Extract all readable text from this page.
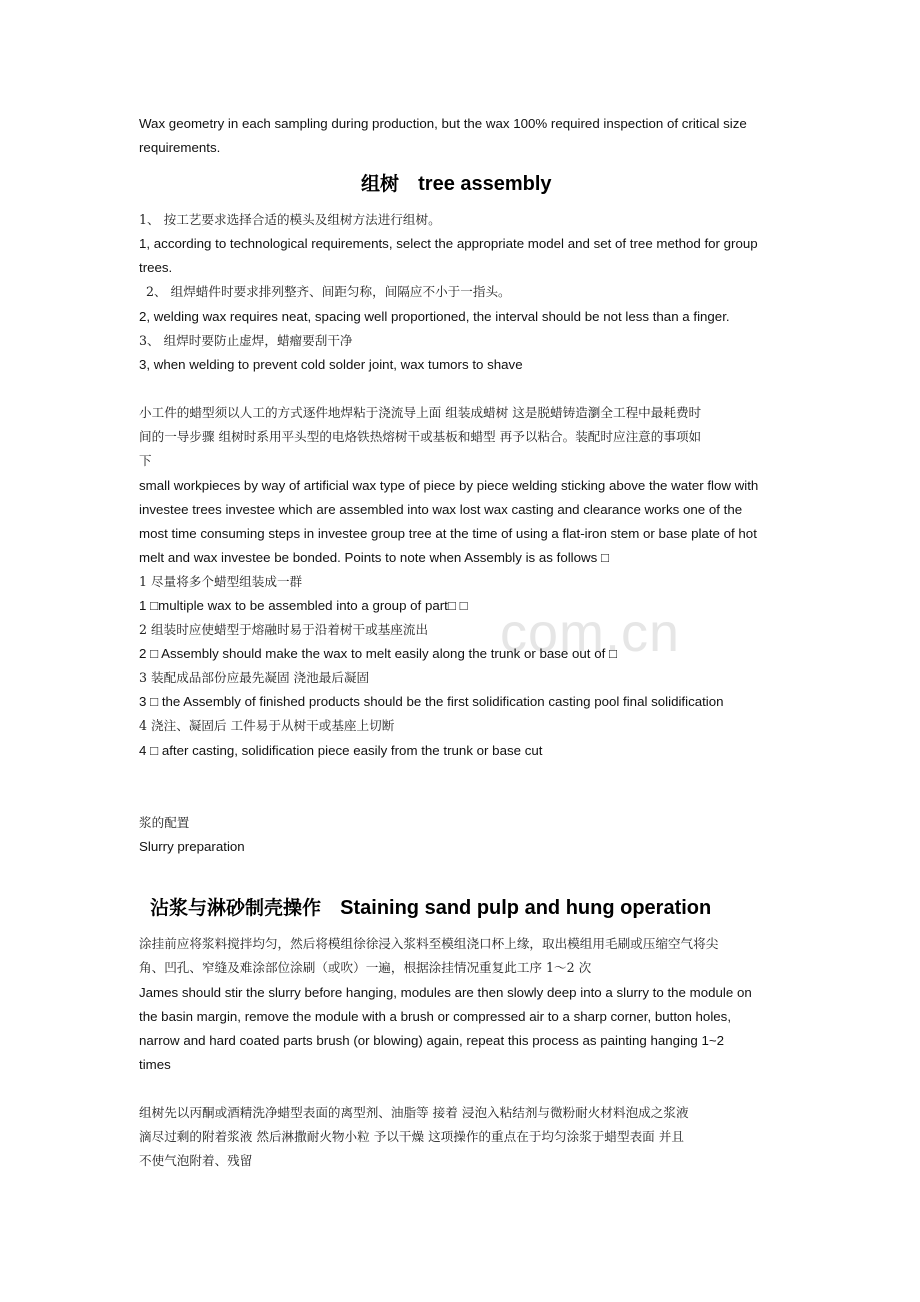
com.cn
Wax geometry in each sampling during production, but the wax 100% required inspection of critical size
requirements.
组树 tree assembly
1、 按工艺要求选择合适的模头及组树方法进行组树。
1, according to technological requirements, select the appropriate model and set of tree method for group
trees.
2、 组焊蜡件时要求排列整齐、间距匀称，间隔应不小于一指头。
2, welding wax requires neat, spacing well proportioned, the interval should be not less than a finger.
3、 组焊时要防止虚焊，蜡瘤要刮干净
3, when welding to prevent cold solder joint, wax tumors to shave
小工件的蜡型须以人工的方式逐件地焊粘于浇流导上面 组装成蜡树 这是脱蜡铸造瀏全工程中最耗费时
间的一导步骤 组树时系用平头型的电烙铁热熔树干或基板和蜡型 再予以粘合。装配时应注意的事项如
下
small workpieces by way of artificial wax type of piece by piece welding sticking above the water flow with
investee trees investee which are assembled into wax lost wax casting and clearance works one of the
most time consuming steps in investee group tree at the time of using a flat-iron stem or base plate of hot
melt and wax investee be bonded. Points to note when Assembly is as follows □
1 尽量将多个蜡型组装成一群
1 □multiple wax to be assembled into a group of part□ □
2 组装时应使蜡型于熔融时易于沿着树干或基座流出
2 □ Assembly should make the wax to melt easily along the trunk or base out of □
3 装配成品部份应最先凝固 浇池最后凝固
3 □ the Assembly of finished products should be the first solidification casting pool final solidification
4 浇注、凝固后 工件易于从树干或基座上切断
4 □ after casting, solidification piece easily from the trunk or base cut
浆的配置
Slurry preparation
沾浆与淋砂制壳操作 Staining sand pulp and hung operation
涂挂前应将浆料搅拌均匀，然后将模组徐徐浸入浆料至模组浇口杯上缘，取出模组用毛刷或压缩空气将尖
角、凹孔、窄缝及难涂部位涂刷（或吹）一遍，根据涂挂情况重复此工序 1～2 次
James should stir the slurry before hanging, modules are then slowly deep into a slurry to the module on
the basin margin, remove the module with a brush or compressed air to a sharp corner, button holes,
narrow and hard coated parts brush (or blowing) again, repeat this process as painting hanging 1~2
times
组树先以丙酮或酒精洗净蜡型表面的离型剂、油脂等 接着 浸泡入粘结剂与微粉耐火材料泡成之浆液
滴尽过剩的附着浆液 然后淋撒耐火物小粒 予以干燥 这项操作的重点在于均匀涂浆于蜡型表面 并且
不使气泡附着、残留
